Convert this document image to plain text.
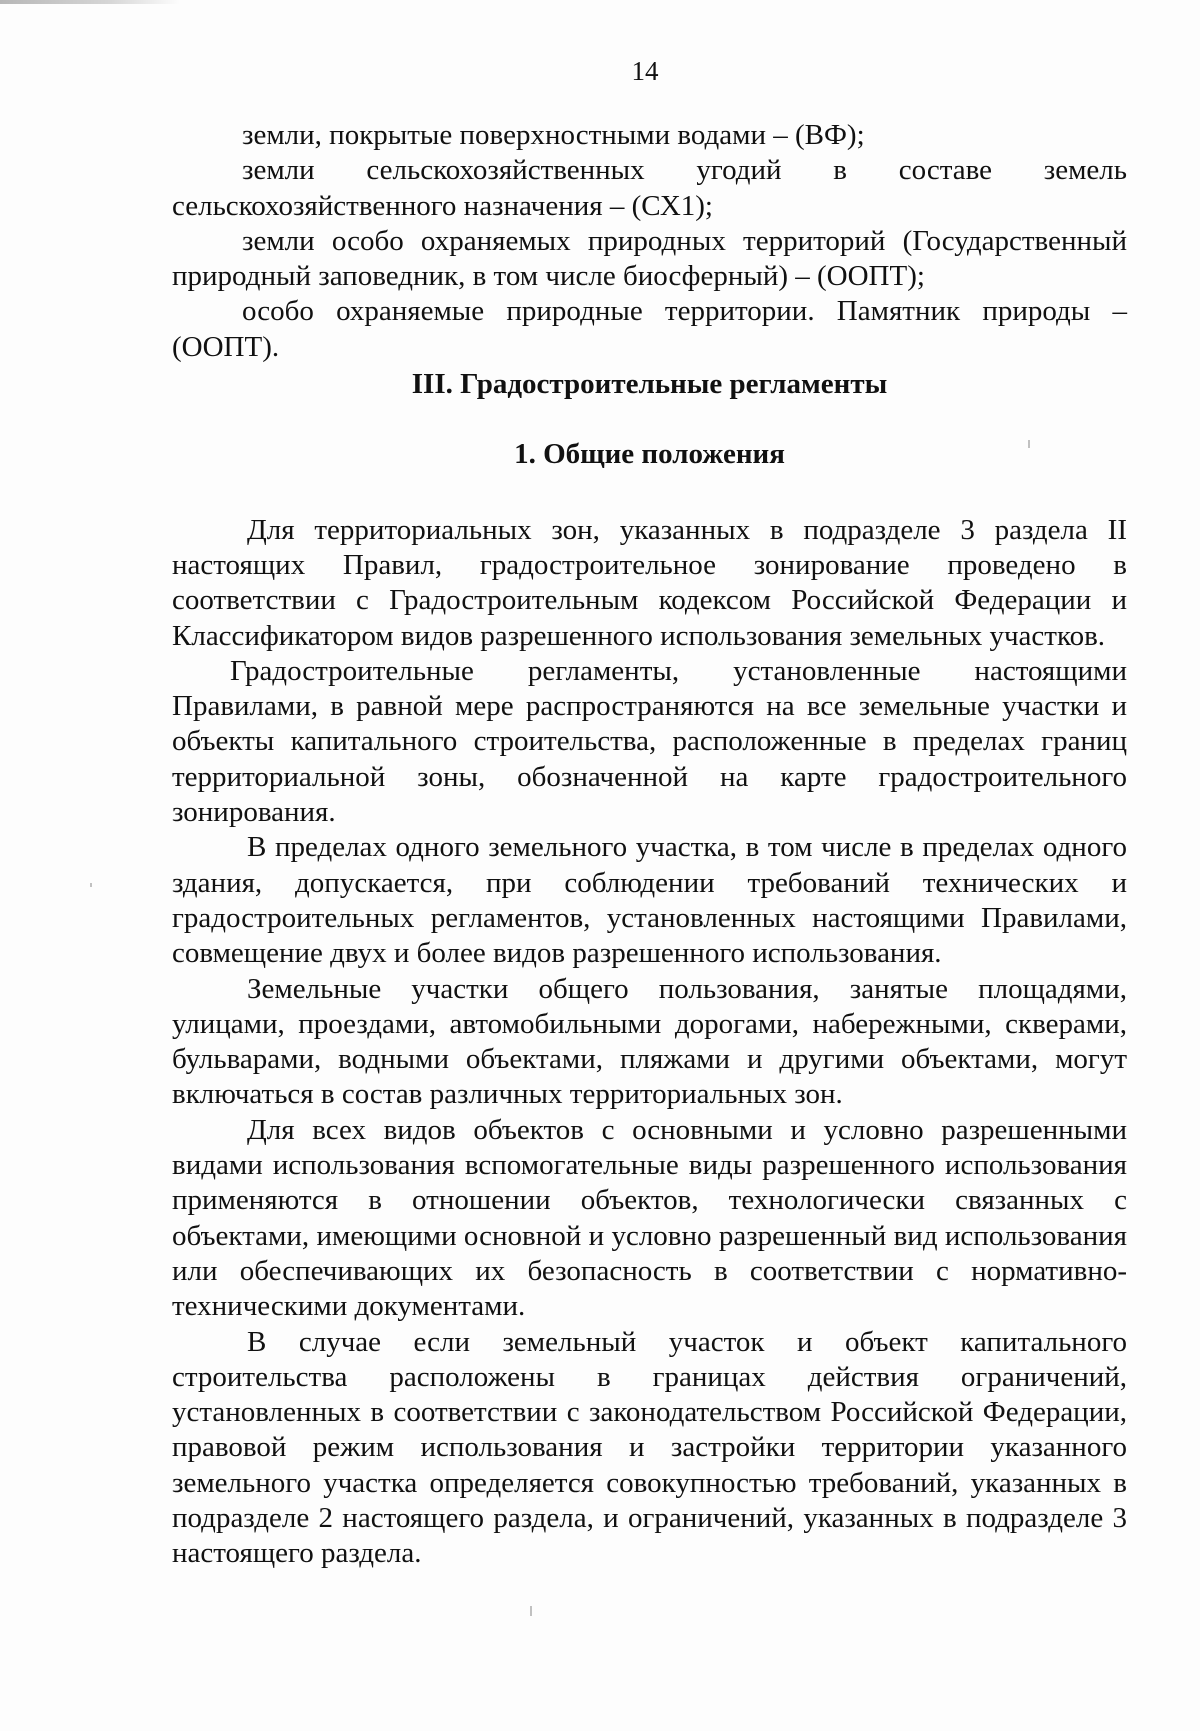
14

земли, покрытые поверхностными водами – (ВФ);

земли сельскохозяйственных угодий в составе земель сельскохозяйственного назначения – (СХ1);

земли особо охраняемых природных территорий (Государственный природный заповедник, в том числе биосферный) – (ООПТ);

особо охраняемые природные территории. Памятник природы – (ООПТ).

III. Градостроительные регламенты

1. Общие положения

Для территориальных зон, указанных в подразделе 3 раздела II настоящих Правил, градостроительное зонирование проведено в соответствии с Градостроительным кодексом Российской Федерации и Классификатором видов разрешенного использования земельных участков.

Градостроительные регламенты, установленные настоящими Правилами, в равной мере распространяются на все земельные участки и объекты капитального строительства, расположенные в пределах границ территориальной зоны, обозначенной на карте градостроительного зонирования.

В пределах одного земельного участка, в том числе в пределах одного здания, допускается, при соблюдении требований технических и градостроительных регламентов, установленных настоящими Правилами, совмещение двух и более видов разрешенного использования.

Земельные участки общего пользования, занятые площадями, улицами, проездами, автомобильными дорогами, набережными, скверами, бульварами, водными объектами, пляжами и другими объектами, могут включаться в состав различных территориальных зон.

Для всех видов объектов с основными и условно разрешенными видами использования вспомогательные виды разрешенного использования применяются в отношении объектов, технологически связанных с объектами, имеющими основной и условно разрешенный вид использования или обеспечивающих их безопасность в соответствии с нормативно-техническими документами.

В случае если земельный участок и объект капитального строительства расположены в границах действия ограничений, установленных в соответствии с законодательством Российской Федерации, правовой режим использования и застройки территории указанного земельного участка определяется совокупностью требований, указанных в подразделе 2 настоящего раздела, и ограничений, указанных в подразделе 3 настоящего раздела.
